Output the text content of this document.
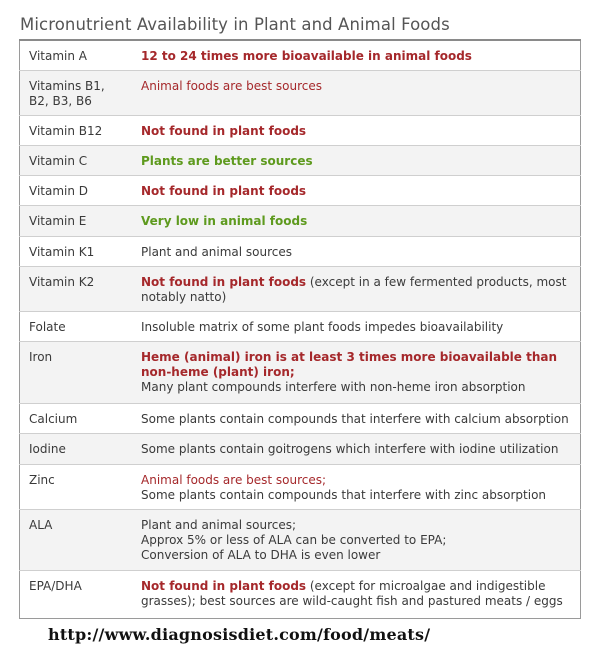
Micronutrient Availability in Plant and Animal Foods
Vitamin A	12 to 24 times more bioavailable in animal foods
Vitamins B1, B2, B3, B6	Animal foods are best sources
Vitamin B12	Not found in plant foods
Vitamin C	Plants are better sources
Vitamin D	Not found in plant foods
Vitamin E	Very low in animal foods
Vitamin K1	Plant and animal sources
Vitamin K2	Not found in plant foods (except in a few fermented products, most notably natto)
Folate	Insoluble matrix of some plant foods impedes bioavailability
Iron	Heme (animal) iron is at least 3 times more bioavailable than non-heme (plant) iron;
Many plant compounds interfere with non-heme iron absorption
Calcium	Some plants contain compounds that interfere with calcium absorption
Iodine	Some plants contain goitrogens which interfere with iodine utilization
Zinc	Animal foods are best sources;
Some plants contain compounds that interfere with zinc absorption
ALA	Plant and animal sources;
Approx 5% or less of ALA can be converted to EPA;
Conversion of ALA to DHA is even lower
EPA/DHA	Not found in plant foods (except for microalgae and indigestible grasses); best sources are wild-caught fish and pastured meats / eggs
http://www.diagnosisdiet.com/food/meats/
